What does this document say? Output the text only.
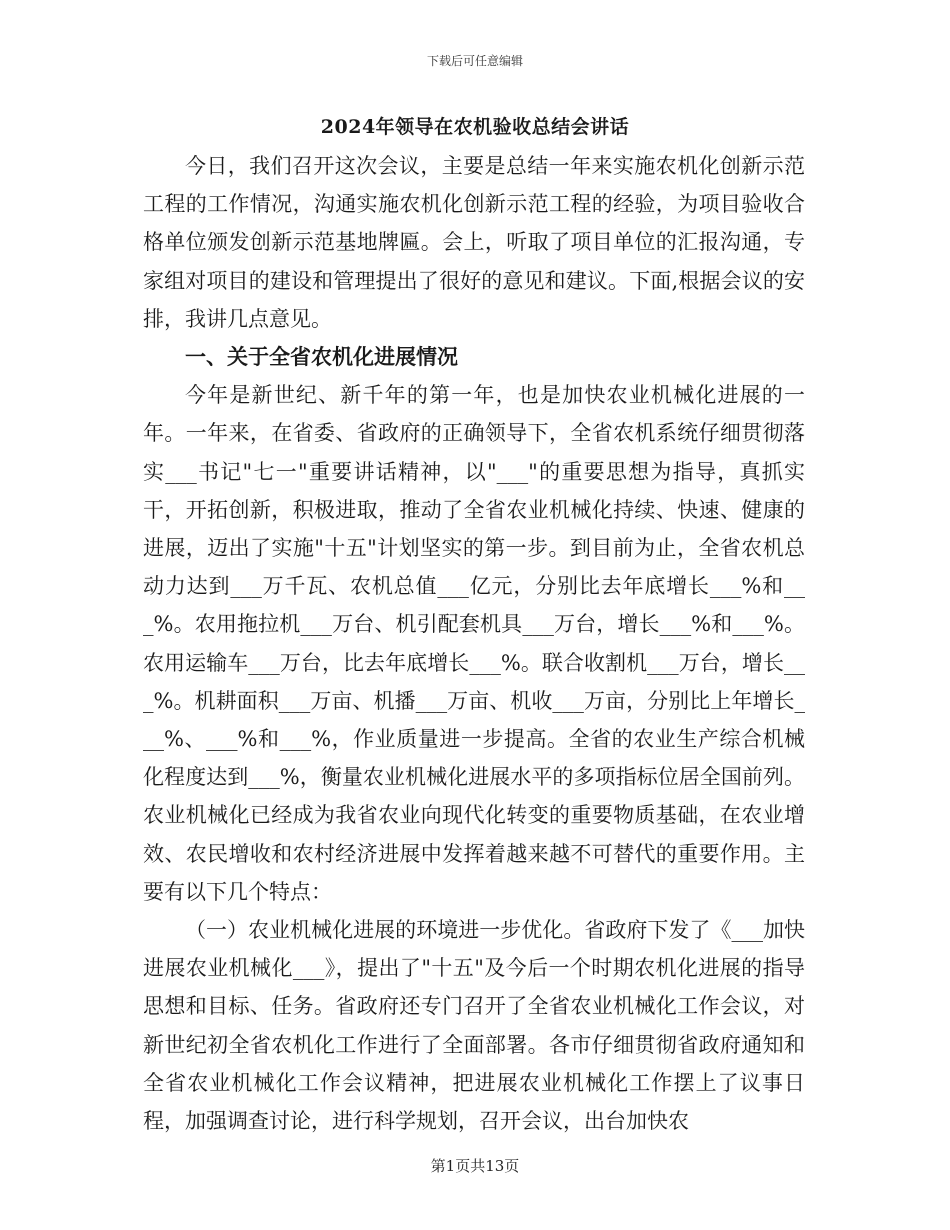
下载后可任意编辑
2024年领导在农机验收总结会讲话

今日，我们召开这次会议，主要是总结一年来实施农机化创新示范工程的工作情况，沟通实施农机化创新示范工程的经验，为项目验收合格单位颁发创新示范基地牌匾。会上，听取了项目单位的汇报沟通，专家组对项目的建设和管理提出了很好的意见和建议。下面,根据会议的安排，我讲几点意见。

一、关于全省农机化进展情况

今年是新世纪、新千年的第一年，也是加快农业机械化进展的一年。一年来，在省委、省政府的正确领导下，全省农机系统仔细贯彻落实___书记"七一"重要讲话精神，以"___"的重要思想为指导，真抓实干，开拓创新，积极进取，推动了全省农业机械化持续、快速、健康的进展，迈出了实施"十五"计划坚实的第一步。到目前为止，全省农机总动力达到___万千瓦、农机总值___亿元，分别比去年底增长___%和___%。农用拖拉机___万台、机引配套机具___万台，增长___%和___%。农用运输车___万台，比去年底增长___%。联合收割机___万台，增长___%。机耕面积___万亩、机播___万亩、机收___万亩，分别比上年增长___%、___%和___%，作业质量进一步提高。全省的农业生产综合机械化程度达到___%，衡量农业机械化进展水平的多项指标位居全国前列。农业机械化已经成为我省农业向现代化转变的重要物质基础，在农业增效、农民增收和农村经济进展中发挥着越来越不可替代的重要作用。主要有以下几个特点：

（一）农业机械化进展的环境进一步优化。省政府下发了《___加快进展农业机械化___》，提出了"十五"及今后一个时期农机化进展的指导思想和目标、任务。省政府还专门召开了全省农业机械化工作会议，对新世纪初全省农机化工作进行了全面部署。各市仔细贯彻省政府通知和全省农业机械化工作会议精神，把进展农业机械化工作摆上了议事日程，加强调查讨论，进行科学规划，召开会议，出台加快农

第1页共13页
